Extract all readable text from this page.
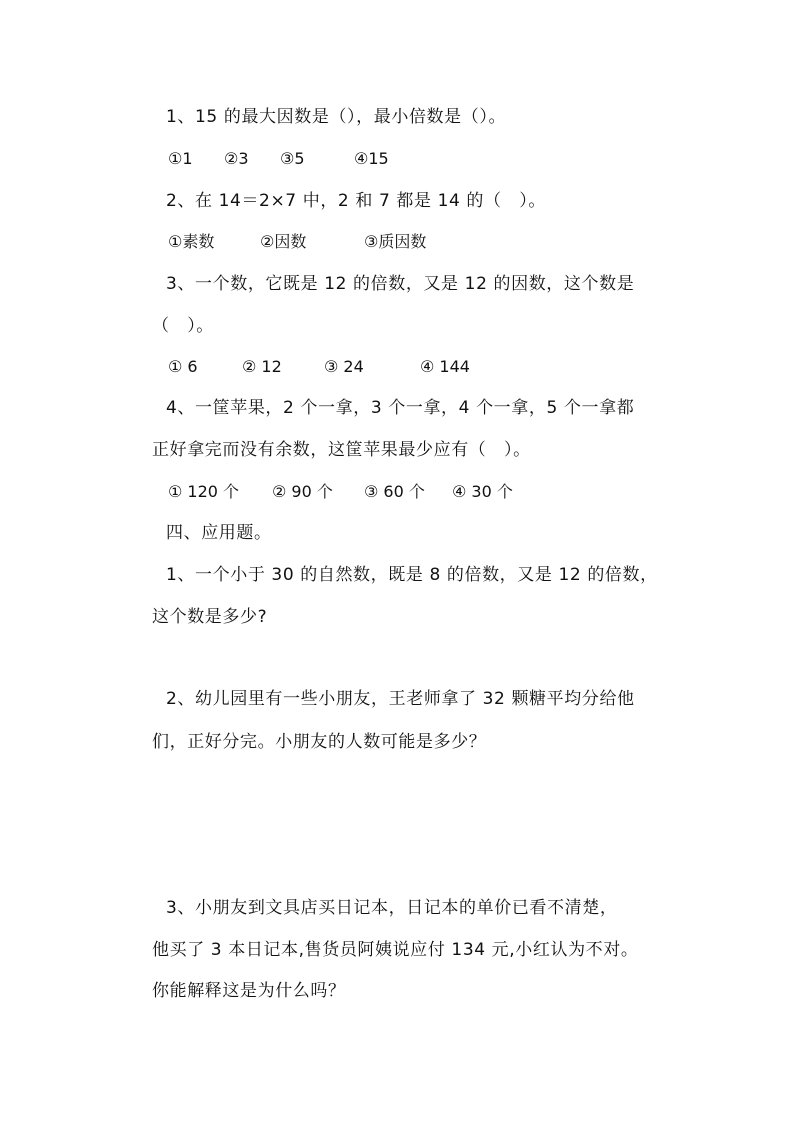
1、15 的最大因数是（），最小倍数是（）。
①1 ②3 ③5	④15
2、在 14＝2×7 中，2 和 7 都是 14 的（　）。
①素数	②因数	③质因数
3、一个数，它既是 12 的倍数，又是 12 的因数，这个数是
（　）。
① 6	② 12	③ 24	④ 144
4、一筐苹果，2 个一拿，3 个一拿，4 个一拿，5 个一拿都
正好拿完而没有余数，这筐苹果最少应有（　）。
① 120 个 ② 90 个 ③ 60 个 ④ 30 个
四、应用题。
1、一个小于 30 的自然数，既是 8 的倍数，又是 12 的倍数，
这个数是多少?
2、幼儿园里有一些小朋友，王老师拿了 32 颗糖平均分给他
们，正好分完。小朋友的人数可能是多少？
3、小朋友到文具店买日记本，日记本的单价已看不清楚，
他买了 3 本日记本,售货员阿姨说应付 134 元,小红认为不对。
你能解释这是为什么吗？
